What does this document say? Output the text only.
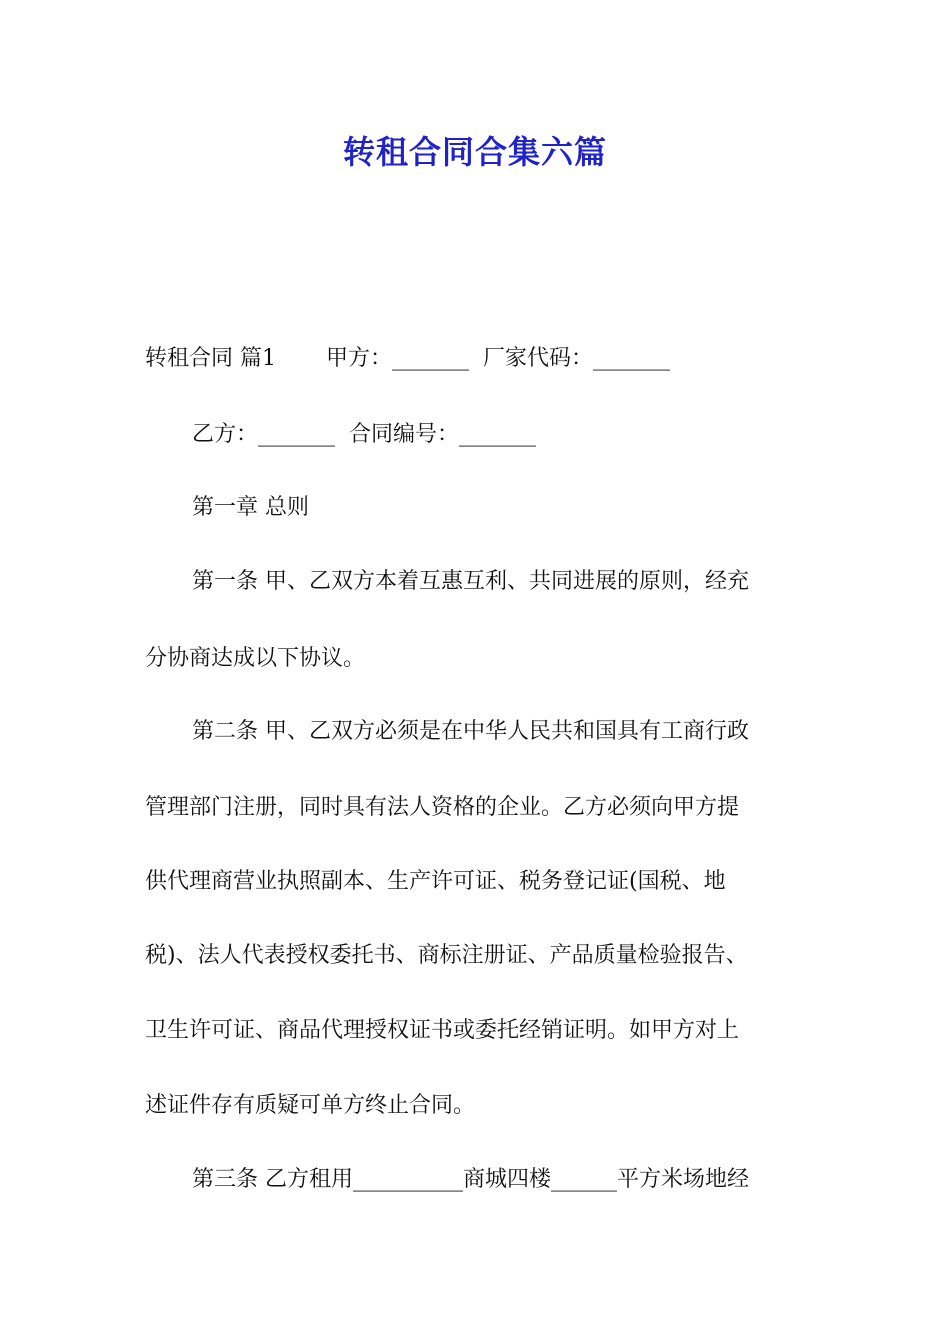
转租合同合集六篇
转租合同 篇1 甲方：_______ 厂家代码：_______
乙方：_______ 合同编号：_______
第一章 总则
第一条 甲、乙双方本着互惠互利、共同进展的原则，经充
分协商达成以下协议。
第二条 甲、乙双方必须是在中华人民共和国具有工商行政
管理部门注册，同时具有法人资格的企业。乙方必须向甲方提
供代理商营业执照副本、生产许可证、税务登记证(国税、地
税)、法人代表授权委托书、商标注册证、产品质量检验报告、
卫生许可证、商品代理授权证书或委托经销证明。如甲方对上
述证件存有质疑可单方终止合同。
第三条 乙方租用__________商城四楼______平方米场地经
